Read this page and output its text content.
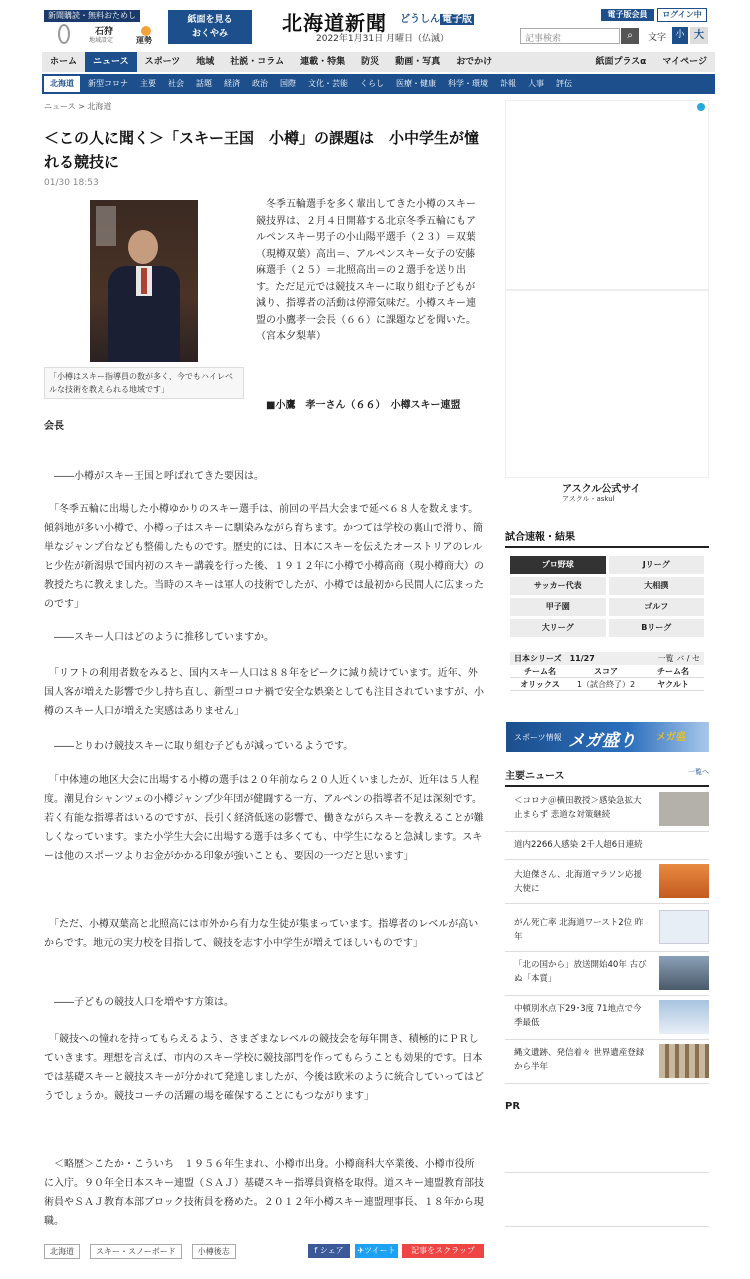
新聞購読・無料おためし
石狩
地域設定	運勢
紙面を見る
おくやみ	北海道新聞 どうしん 電子版
2022年1月31日 月曜日（仏滅）
電子版会員	ログイン中
記事検索	⌕	文字	小 大
ホーム	ニュース	スポーツ	地域	社説・コラム	連載・特集	防災	動画・写真	おでかけ	紙面プラスα	マイページ
北海道	新型コロナ	主要	社会	話題	経済	政治	国際	文化・芸能	くらし	医療・健康	科学・環境	訃報	人事	評伝
ニュース > 北海道
＜この人に聞く＞「スキー王国　小樽」の課題は　小中学生が憧れる競技に
01/30 18:53
「小樽はスキー指導員の数が多く、今でもハイレベルな技術を教えられる地域です」
冬季五輪選手を多く輩出してきた小樽のスキー競技界は、２月４日開幕する北京冬季五輪にもアルペンスキー男子の小山陽平選手（２３）＝双葉（現樽双葉）高出＝、アルペンスキー女子の安藤麻選手（２５）＝北照高出＝の２選手を送り出す。ただ足元では競技スキーに取り組む子どもが減り、指導者の活動は停滞気味だ。小樽スキー連盟の小鷹孝一会長（６６）に課題などを聞いた。（宮本夕梨華）
■小鷹　孝一さん（６６）　小樽スキー連盟
会長
　――小樽がスキー王国と呼ばれてきた要因は。
　「冬季五輪に出場した小樽ゆかりのスキー選手は、前回の平昌大会まで延べ６８人を数えます。傾斜地が多い小樽で、小樽っ子はスキーに馴染みながら育ちます。かつては学校の裏山で滑り、簡単なジャンプ台なども整備したものです。歴史的には、日本にスキーを伝えたオーストリアのレルヒ少佐が新潟県で国内初のスキー講義を行った後、１９１２年に小樽で小樽高商（現小樽商大）の教授たちに教えました。当時のスキーは軍人の技術でしたが、小樽では最初から民間人に広まったのです」
　――スキー人口はどのように推移していますか。
　「リフトの利用者数をみると、国内スキー人口は８８年をピークに減り続けています。近年、外国人客が増えた影響で少し持ち直し、新型コロナ禍で安全な娯楽としても注目されていますが、小樽のスキー人口が増えた実感はありません」
　――とりわけ競技スキーに取り組む子どもが減っているようです。
　「中体連の地区大会に出場する小樽の選手は２０年前なら２０人近くいましたが、近年は５人程度。潮見台シャンツェの小樽ジャンプ少年団が健闘する一方、アルペンの指導者不足は深刻です。若く有能な指導者はいるのですが、長引く経済低迷の影響で、働きながらスキーを教えることが難しくなっています。また小学生大会に出場する選手は多くても、中学生になると急減します。スキーは他のスポーツよりお金がかかる印象が強いことも、要因の一つだと思います」
　「ただ、小樽双葉高と北照高には市外から有力な生徒が集まっています。指導者のレベルが高いからです。地元の実力校を目指して、競技を志す小中学生が増えてほしいものです」
　――子どもの競技人口を増やす方策は。
　「競技への憧れを持ってもらえるよう、さまざまなレベルの競技会を毎年開き、積極的にＰＲしていきます。理想を言えば、市内のスキー学校に競技部門を作ってもらうことも効果的です。日本では基礎スキーと競技スキーが分かれて発達しましたが、今後は欧米のように統合していってはどうでしょうか。競技コーチの活躍の場を確保することにもつながります」
　＜略歴＞こたか・こういち　１９５６年生まれ、小樽市出身。小樽商科大卒業後、小樽市役所に入庁。９０年全日本スキー連盟（ＳＡＪ）基礎スキー指導員資格を取得。道スキー連盟教育部技術員やＳＡＪ教育本部ブロック技術員を務めた。２０１２年小樽スキー連盟理事長、１８年から現職。
北海道	スキー・スノーボード	小樽後志	f シェア	✈ツイート	記事をスクラップ
アスクル公式サイ
アスクル - askul
試合速報・結果
プロ野球	Jリーグ
サッカー代表	大相撲
甲子園	ゴルフ
大リーグ	Bリーグ
日本シリーズ　11/27	一覧 バ / セ
チーム名	スコア	チーム名
オリックス	1（試合終了）2	ヤクルト
スポーツ情報 メガ盛り メガ盛
主要ニュース	一覧へ
＜コロナ＠横田教授＞感染急拡大止まらず 悲道な対策継続
道内2266人感染 2千人超6日連続
大迫傑さん、北海道マラソン応援大使に
がん死亡率 北海道ワースト2位 昨年
「北の国から」放送開始40年 古びぬ「本質」
中頓別氷点下29･3度 71地点で今季最低
縄文遺跡、発信着々 世界遺産登録から半年
PR
